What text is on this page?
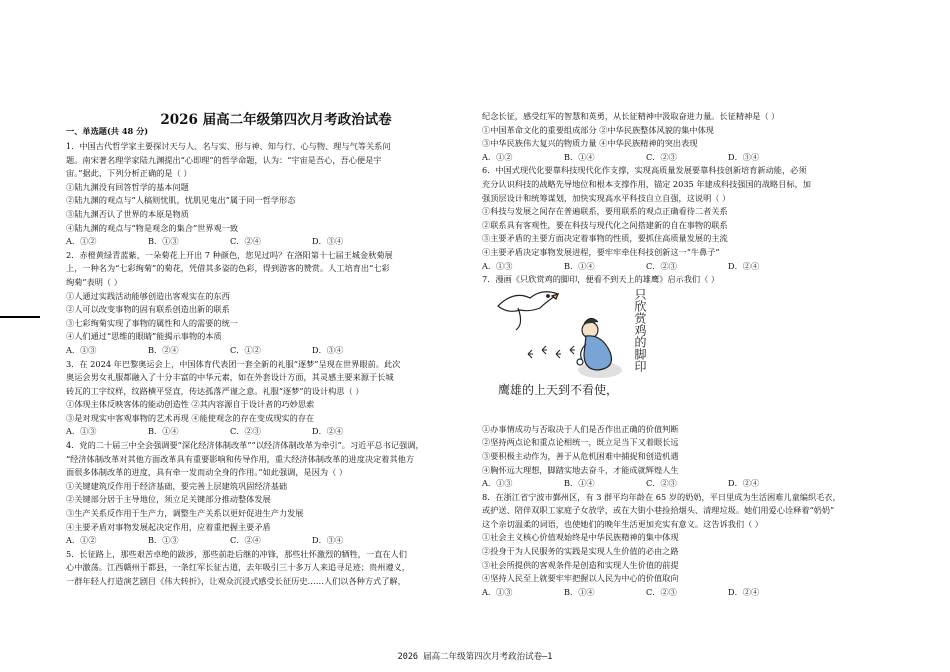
2026 届高二年级第四次月考政治试卷
一、单选题(共 48 分)
1．中国古代哲学家主要探讨天与人、名与实、形与神、知与行、心与物、理与气等关系问
题。南宋著名理学家陆九渊提出“心即理”的哲学命题，认为：“宇宙是吾心，吾心便是宇
宙。”据此，下列分析正确的是（ ）
①陆九渊没有回答哲学的基本问题
②陆九渊的观点与“人稿则忧肌，忧肌见鬼出”属于同一哲学形态
③陆九渊否认了世界的本原是物质
④陆九渊的观点与“物是观念的集合”世界观一致
A．①②	B．①③	C．②④	D．③④
2．赤橙黄绿青蓝紫，一朵菊花上开出 7 种颜色，您见过吗？在洛阳第十七届王城金秋菊展
上，一种名为“七彩绚菊”的菊花，凭借其多姿的色彩，得到游客的赞赏。人工培育出“七彩
绚菊”表明（ ）
①人通过实践活动能够创造出客观实在的东西
②人可以改变事物的固有联系创造出新的联系
③七彩绚菊实现了事物的属性和人的需要的统一
④人们通过“思维的眼睛”能揭示事物的本质
A．①③	B．②④	C．①②	D．③④
3．在 2024 年巴黎奥运会上，中国体育代表团一套全新的礼服“逐梦”呈现在世界眼前。此次
奥运会男女礼服都融入了十分丰富的中华元素，如在外套设计方面，其灵感主要来源于长城
砖瓦的工字纹样，纹路横平竖直，传达孤落严谨之意。礼服“逐梦”的设计构思（ ）
①体现主体反映客体的能动创造性 ②其内容源自于设计者的巧妙思索
③是对现实中客观事物的艺术再现 ④能使观念的存在变成现实的存在
A．①③	B．①④	C．②③	D．②④
4．党的二十届三中全会强调要“深化经济体制改革”“以经济体制改革为牵引”。习近平总书记强调，
“经济体制改革对其他方面改革具有重要影响和传导作用，重大经济体制改革的进度决定着其他方
面很多体制改革的进度，具有牵一发而动全身的作用。”如此强调，是因为（ ）
①关键建筑反作用于经济基础，要完善上层建筑巩固经济基础
②关键部分居于主导地位，须立足关键部分推动整体发展
③生产关系反作用于生产力，调整生产关系以更好促进生产力发展
④主要矛盾对事物发展起决定作用，应着重把握主要矛盾
A．①②	B．①③	C．②④	D．③④
5．长征路上，那些艰苦卓绝的跋涉，那些前赴后继的冲锋，那些壮怀激烈的牺牲，一直在人们
心中激荡。江西赣州于都县，一条红军长征古道，去年吸引三十多万人来追寻足迹；贵州遵义，
一群年轻人打造演艺剧目《伟大转折》，让观众沉浸式感受长征历史……人们以各种方式了解，
纪念长征，感受红军的智慧和英勇，从长征精神中汲取奋进力量。长征精神是（ ）
①中国革命文化的重要组成部分 ②中华民族整体风貌的集中体现
③中华民族伟大复兴的物质力量 ④中华民族精神的突出表现
A．①②	B．①④	C．②③	D．③④
6．中国式现代化要靠科技现代化作支撑，实现高质量发展要靠科技创新培育新动能，必须
充分认识科技的战略先导地位和根本支撑作用，锚定 2035 年建成科技强国的战略目标，加
强顶层设计和统筹谋划，加快实现高水平科技自立自强，这说明（ ）
①科技与发展之间存在普遍联系，要用联系的观点正确看待二者关系
②联系具有客观性，要在科技与现代化之间搭建新的自在事物的联系
③主要矛盾的主要方面决定着事物的性质，要抓住高质量发展的主流
④主要矛盾决定事物发展进程，要牢牢牵住科技创新这一“牛鼻子”
A．①③	B．①④	C．②③	D．②④
7．漫画《只欣赏鸡的脚印，便看不到天上的雄鹰》启示我们（ ）
①办事情成功与否取决于人们是否作出正确的价值判断
②坚持两点论和重点论相统一，既立足当下又着眼长远
③要积极主动作为，善于从危机困难中捕捉和创造机遇
④胸怀远大理想，脚踏实地去奋斗，才能成就辉煌人生
A．①③	B．①④	C．②③	D．②④
8．在浙江省宁波市鄞州区，有 3 群平均年龄在 65 岁的奶奶，平日里成为生活困难儿童编织毛衣，
或护送、陪伴双职工家庭子女放学，或在大街小巷捡拾烟头、清理垃圾。她们用爱心诠释着“奶奶”
这个亲切温柔的词语，也使她们的晚年生活更加充实有意义。这告诉我们（ ）
①社会主义核心价值观始终是中华民族精神的集中体现
②投身于为人民服务的实践是实现人生价值的必由之路
③社会所提供的客观条件是创造和实现人生价值的前提
④坚持人民至上就要牢牢把握以人民为中心的价值取向
A．①③	B．①④	C．②③	D．②④
只欣赏鸡的脚印
鹰雄的上天到不看使，
2026 届高二年级第四次月考政治试卷—1
